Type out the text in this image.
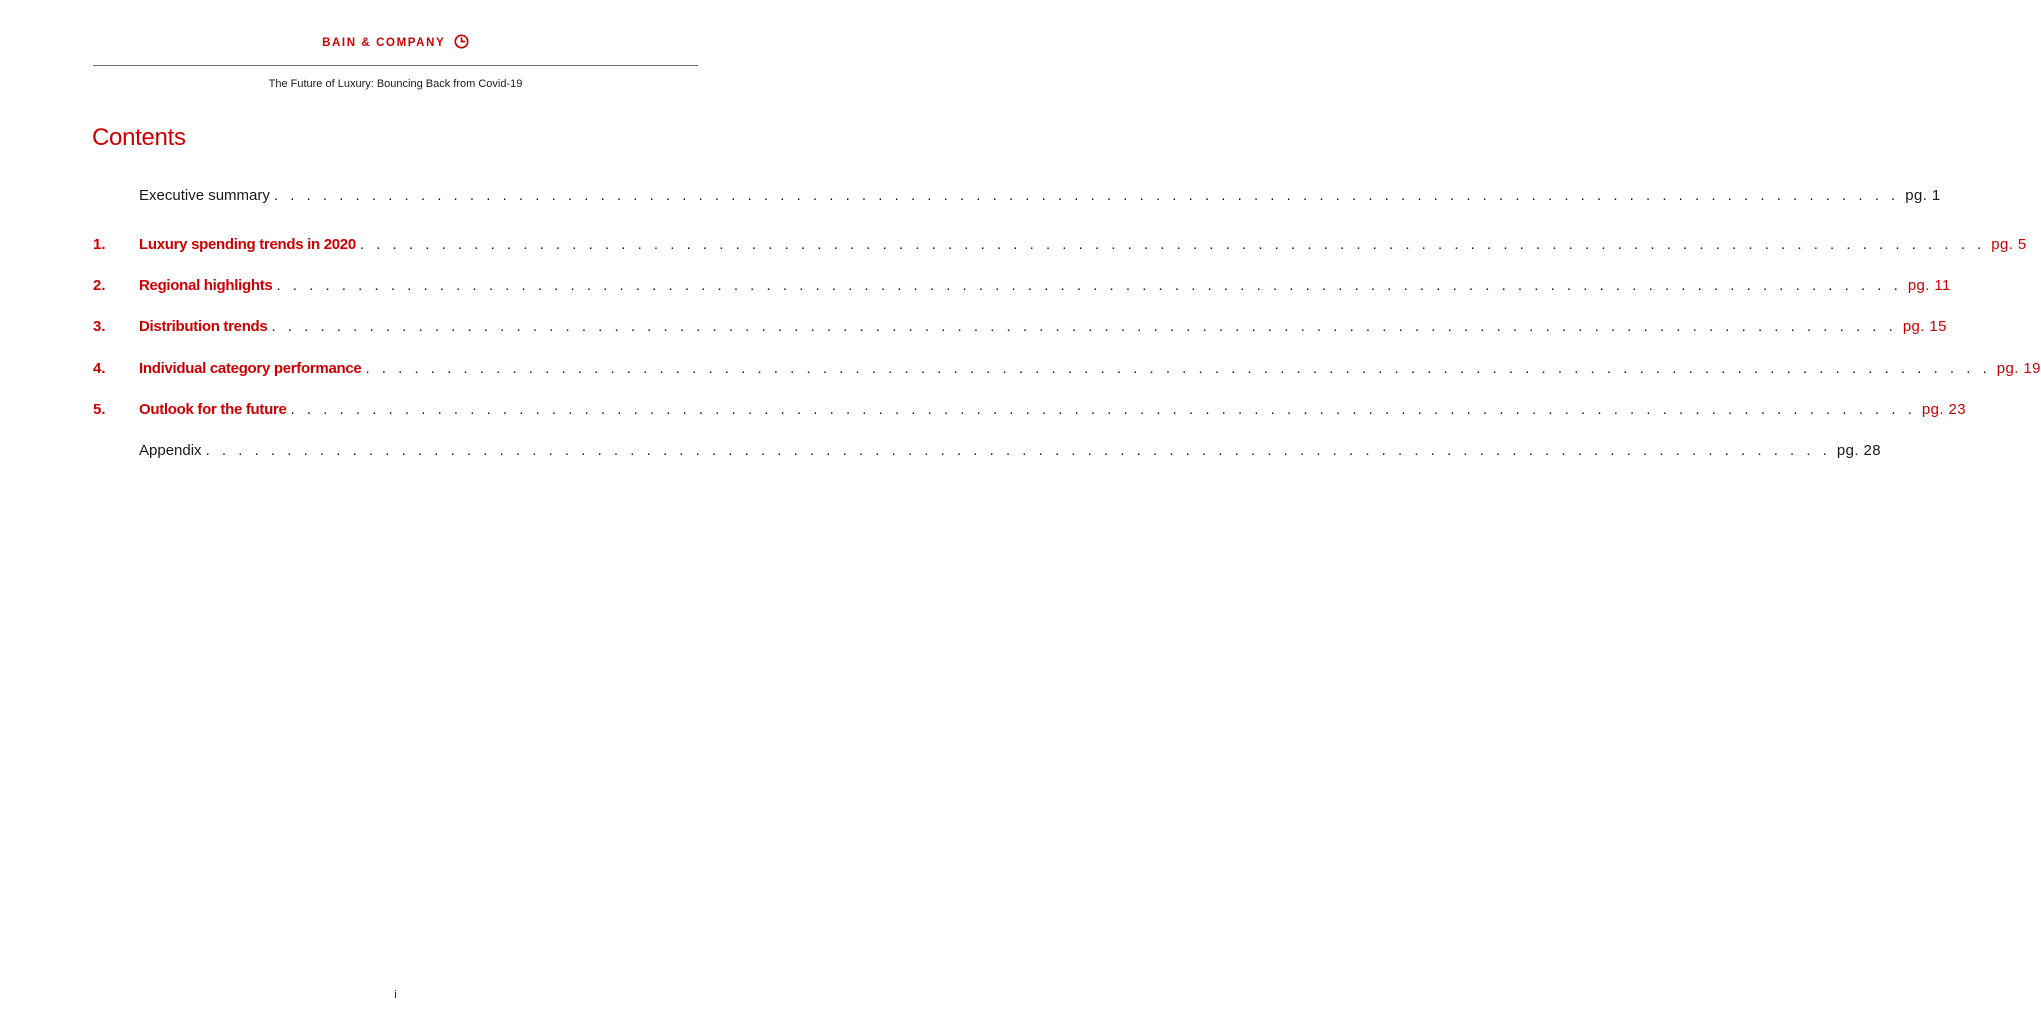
BAIN & COMPANY
The Future of Luxury: Bouncing Back from Covid-19
Contents
Executive summary . . . . . . . . . . . . . . . . . . . . . . . . . . . . . . . . . . . . . . . . . . . . . . . . . . . . . . . . . . . . . . . . . . . . . . . . . . . . . . . . . . . . . . . . . . . . . . . . . . . . pg. 1
1. Luxury spending trends in 2020 . . . . . . . . . . . . . . . . . . . . . . . . . . . . . . . . . . . . . . . . . . . . . . . . . . . . . . . . . . . . . . . . . . . . . . . . . . . . . . . . . . . . . . . . . . . . . . . . . . . . pg. 5
2. Regional highlights . . . . . . . . . . . . . . . . . . . . . . . . . . . . . . . . . . . . . . . . . . . . . . . . . . . . . . . . . . . . . . . . . . . . . . . . . . . . . . . . . . . . . . . . . . . . . . . . . . . . pg. 11
3. Distribution trends . . . . . . . . . . . . . . . . . . . . . . . . . . . . . . . . . . . . . . . . . . . . . . . . . . . . . . . . . . . . . . . . . . . . . . . . . . . . . . . . . . . . . . . . . . . . . . . . . . . . pg. 15
4. Individual category performance . . . . . . . . . . . . . . . . . . . . . . . . . . . . . . . . . . . . . . . . . . . . . . . . . . . . . . . . . . . . . . . . . . . . . . . . . . . . . . . . . . . . . . . . . . . . . . . . . . . . pg. 19
5. Outlook for the future . . . . . . . . . . . . . . . . . . . . . . . . . . . . . . . . . . . . . . . . . . . . . . . . . . . . . . . . . . . . . . . . . . . . . . . . . . . . . . . . . . . . . . . . . . . . . . . . . . . . pg. 23
Appendix . . . . . . . . . . . . . . . . . . . . . . . . . . . . . . . . . . . . . . . . . . . . . . . . . . . . . . . . . . . . . . . . . . . . . . . . . . . . . . . . . . . . . . . . . . . . . . . . . . . . pg. 28
i
